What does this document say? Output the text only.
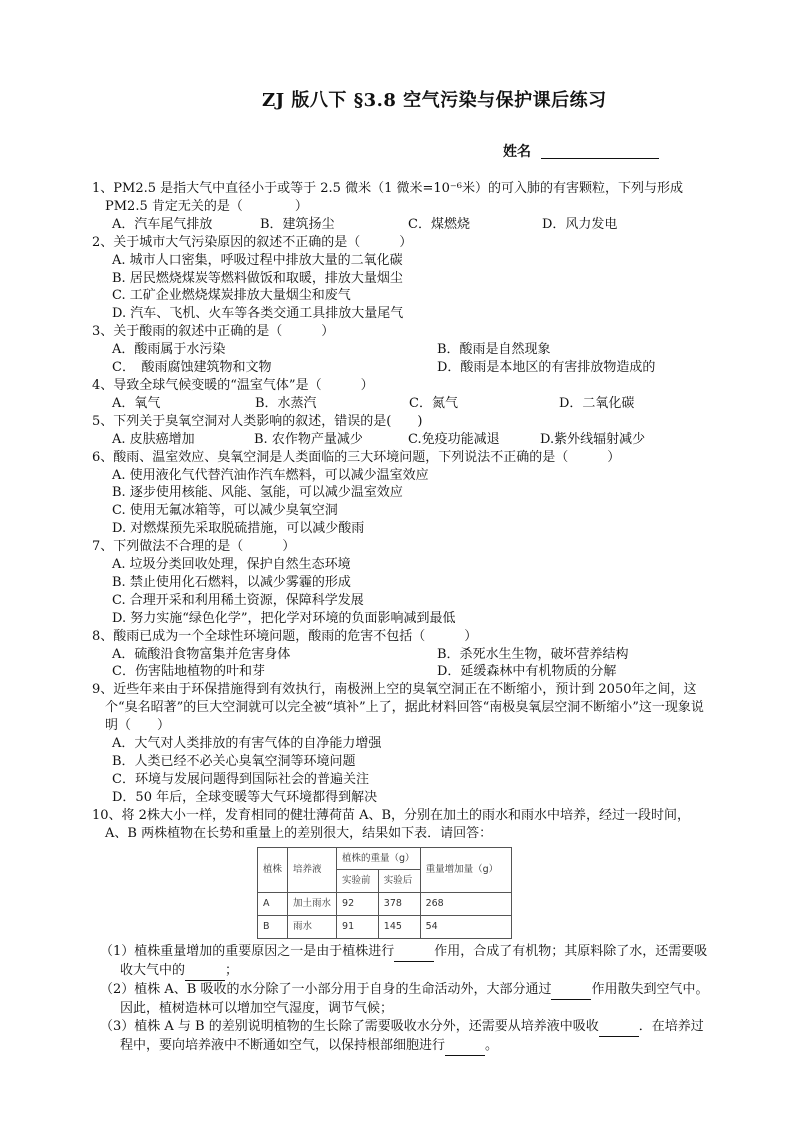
ZJ 版八下 §3.8 空气污染与保护课后练习
姓名
1、PM2.5 是指大气中直径小于或等于 2.5 微米（1 微米=10⁻⁶米）的可入肺的有害颗粒，下列与形成PM2.5 肯定无关的是（　　　　）
A．汽车尾气排放	B．建筑扬尘	C．煤燃烧	D．风力发电
2、关于城市大气污染原因的叙述不正确的是（　　　）
A. 城市人口密集，呼吸过程中排放大量的二氧化碳
B. 居民燃烧煤炭等燃料做饭和取暖，排放大量烟尘
C. 工矿企业燃烧煤炭排放大量烟尘和废气
D. 汽车、飞机、火车等各类交通工具排放大量尾气
3、关于酸雨的叙述中正确的是（　　　）
A．酸雨属于水污染	B．酸雨是自然现象
C．　酸雨腐蚀建筑物和文物	D．酸雨是本地区的有害排放物造成的
4、导致全球气候变暖的“温室气体”是（　　　）
A．氧气	B．水蒸汽	C．氮气	D．二氧化碳
5、下列关于臭氧空洞对人类影响的叙述，错误的是(　　)
A. 皮肤癌增加	B. 农作物产量减少	C.免疫功能减退	D.紫外线辐射减少
6、酸雨、温室效应、臭氧空洞是人类面临的三大环境问题，下列说法不正确的是（　　　）
A. 使用液化气代替汽油作汽车燃料，可以减少温室效应
B. 逐步使用核能、风能、氢能，可以减少温室效应
C. 使用无氟冰箱等，可以减少臭氧空洞
D. 对燃煤预先采取脱硫措施，可以减少酸雨
7、下列做法不合理的是（　　　）
A. 垃圾分类回收处理，保护自然生态环境
B. 禁止使用化石燃料，以减少雾霾的形成
C. 合理开采和利用稀土资源，保障科学发展
D. 努力实施“绿色化学”，把化学对环境的负面影响减到最低
8、酸雨已成为一个全球性环境问题，酸雨的危害不包括（　　　）
A．硫酸沿食物富集并危害身体	B．杀死水生生物，破坏营养结构
C．伤害陆地植物的叶和芽	D．延缓森林中有机物质的分解
9、近些年来由于环保措施得到有效执行，南极洲上空的臭氧空洞正在不断缩小，预计到 2050年之间，这个“臭名昭著”的巨大空洞就可以完全被“填补”上了，据此材料回答“南极臭氧层空洞不断缩小”这一现象说明（　　）
A．大气对人类排放的有害气体的自净能力增强
B．人类已经不必关心臭氧空洞等环境问题
C．环境与发展问题得到国际社会的普遍关注
D．50 年后，全球变暖等大气环境都得到解决
10、将 2株大小一样，发育相同的健壮薄荷苗 A、B，分别在加土的雨水和雨水中培养，经过一段时间，A、B 两株植物在长势和重量上的差别很大，结果如下表．请回答：
植株	培养液	植株的重量（g）		重量增加量（g）
		实验前	实验后	
A	加土雨水	92	378	268
B	雨水	91	145	54
（1）植株重量增加的重要原因之一是由于植株进行	作用，合成了有机物；其原料除了水，还需要吸收大气中的	；
（2）植株 A、B 吸收的水分除了一小部分用于自身的生命活动外，大部分通过	作用散失到空气中。因此，植树造林可以增加空气湿度，调节气候；
（3）植株 A 与 B 的差别说明植物的生长除了需要吸收水分外，还需要从培养液中吸收	．在培养过程中，要向培养液中不断通如空气，以保持根部细胞进行	。
